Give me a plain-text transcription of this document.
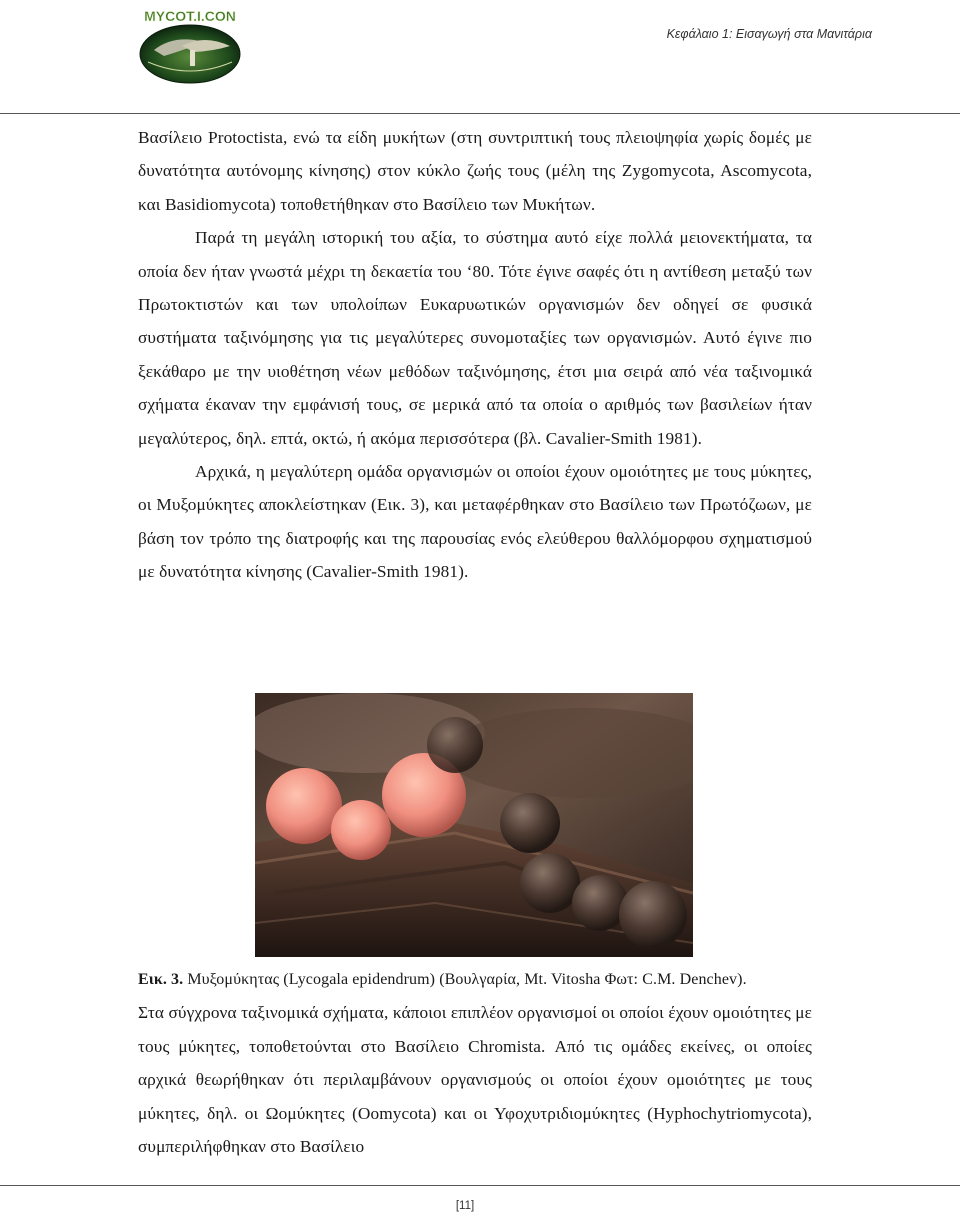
MYCOT.I.CON
Κεφάλαιο 1: Εισαγωγή στα Μανιτάρια

Βασίλειο Protoctista, ενώ τα είδη μυκήτων (στη συντριπτική τους πλειοψηφία χωρίς δομές με δυνατότητα αυτόνομης κίνησης) στον κύκλο ζωής τους (μέλη της Zygomycota, Ascomycota, και Basidiomycota) τοποθετήθηκαν στο Βασίλειο των Μυκήτων.

Παρά τη μεγάλη ιστορική του αξία, το σύστημα αυτό είχε πολλά μειονεκτήματα, τα οποία δεν ήταν γνωστά μέχρι τη δεκαετία του ‘80. Τότε έγινε σαφές ότι η αντίθεση μεταξύ των Πρωτοκτιστών και των υπολοίπων Ευκαρυωτικών οργανισμών δεν οδηγεί σε φυσικά συστήματα ταξινόμησης για τις μεγαλύτερες συνομοταξίες των οργανισμών. Αυτό έγινε πιο ξεκάθαρο με την υιοθέτηση νέων μεθόδων ταξινόμησης, έτσι μια σειρά από νέα ταξινομικά σχήματα έκαναν την εμφάνισή τους, σε μερικά από τα οποία ο αριθμός των βασιλείων ήταν μεγαλύτερος, δηλ. επτά, οκτώ, ή ακόμα περισσότερα (βλ. Cavalier-Smith 1981).

Αρχικά, η μεγαλύτερη ομάδα οργανισμών οι οποίοι έχουν ομοιότητες με τους μύκητες, οι Μυξομύκητες αποκλείστηκαν (Εικ. 3), και μεταφέρθηκαν στο Βασίλειο των Πρωτόζωων, με βάση τον τρόπο της διατροφής και της παρουσίας ενός ελεύθερου θαλλόμορφου σχηματισμού με δυνατότητα κίνησης (Cavalier-Smith 1981).

Εικ. 3. Μυξομύκητας (Lycogala epidendrum) (Βουλγαρία, Mt. Vitosha Φωτ: C.M. Denchev).

Στα σύγχρονα ταξινομικά σχήματα, κάποιοι επιπλέον οργανισμοί οι οποίοι έχουν ομοιότητες με τους μύκητες, τοποθετούνται στο Βασίλειο Chromista. Από τις ομάδες εκείνες, οι οποίες αρχικά θεωρήθηκαν ότι περιλαμβάνουν οργανισμούς οι οποίοι έχουν ομοιότητες με τους μύκητες, δηλ. οι Ωομύκητες (Oomycota) και οι Υφοχυτριδιομύκητες (Hyphochytriomycota), συμπεριλήφθηκαν στο Βασίλειο

[11]
